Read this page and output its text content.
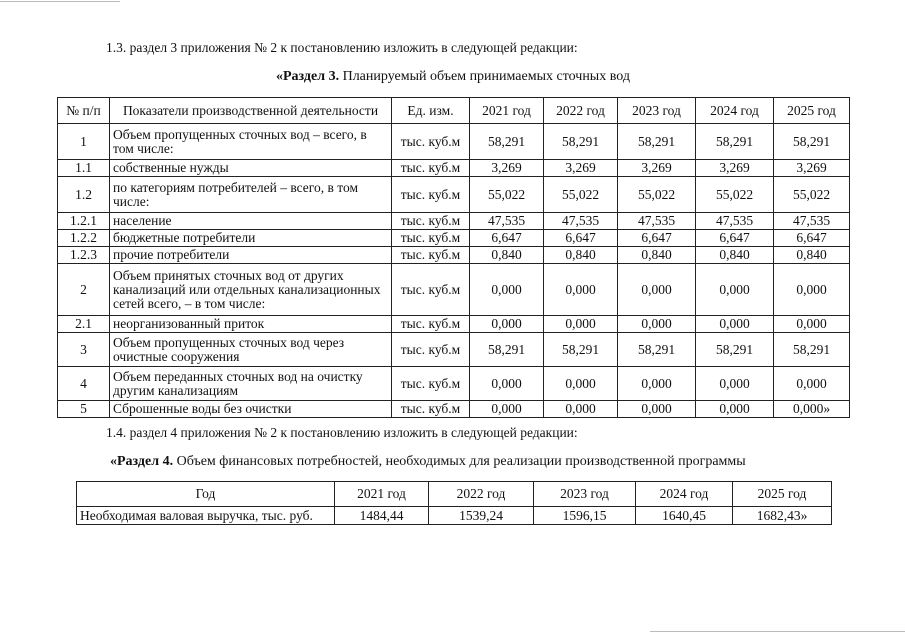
1.3. раздел 3 приложения № 2 к постановлению изложить в следующей редакции:
«Раздел 3. Планируемый объем принимаемых сточных вод
№ п/п	Показатели производственной деятельности	Ед. изм.	2021 год	2022 год	2023 год	2024 год	2025 год
1	Объем пропущенных сточных вод – всего, в том числе:	тыс. куб.м	58,291	58,291	58,291	58,291	58,291
1.1	собственные нужды	тыс. куб.м	3,269	3,269	3,269	3,269	3,269
1.2	по категориям потребителей – всего, в том числе:	тыс. куб.м	55,022	55,022	55,022	55,022	55,022
1.2.1	население	тыс. куб.м	47,535	47,535	47,535	47,535	47,535
1.2.2	бюджетные потребители	тыс. куб.м	6,647	6,647	6,647	6,647	6,647
1.2.3	прочие потребители	тыс. куб.м	0,840	0,840	0,840	0,840	0,840
2	Объем принятых сточных вод от других канализаций или отдельных канализационных сетей всего, – в том числе:	тыс. куб.м	0,000	0,000	0,000	0,000	0,000
2.1	неорганизованный приток	тыс. куб.м	0,000	0,000	0,000	0,000	0,000
3	Объем пропущенных сточных вод через очистные сооружения	тыс. куб.м	58,291	58,291	58,291	58,291	58,291
4	Объем переданных сточных вод на очистку другим канализациям	тыс. куб.м	0,000	0,000	0,000	0,000	0,000
5	Сброшенные воды без очистки	тыс. куб.м	0,000	0,000	0,000	0,000	0,000»
1.4. раздел 4 приложения № 2 к постановлению изложить в следующей редакции:
«Раздел 4. Объем финансовых потребностей, необходимых для реализации производственной программы
Год	2021 год	2022 год	2023 год	2024 год	2025 год
Необходимая валовая выручка, тыс. руб.	1484,44	1539,24	1596,15	1640,45	1682,43»
